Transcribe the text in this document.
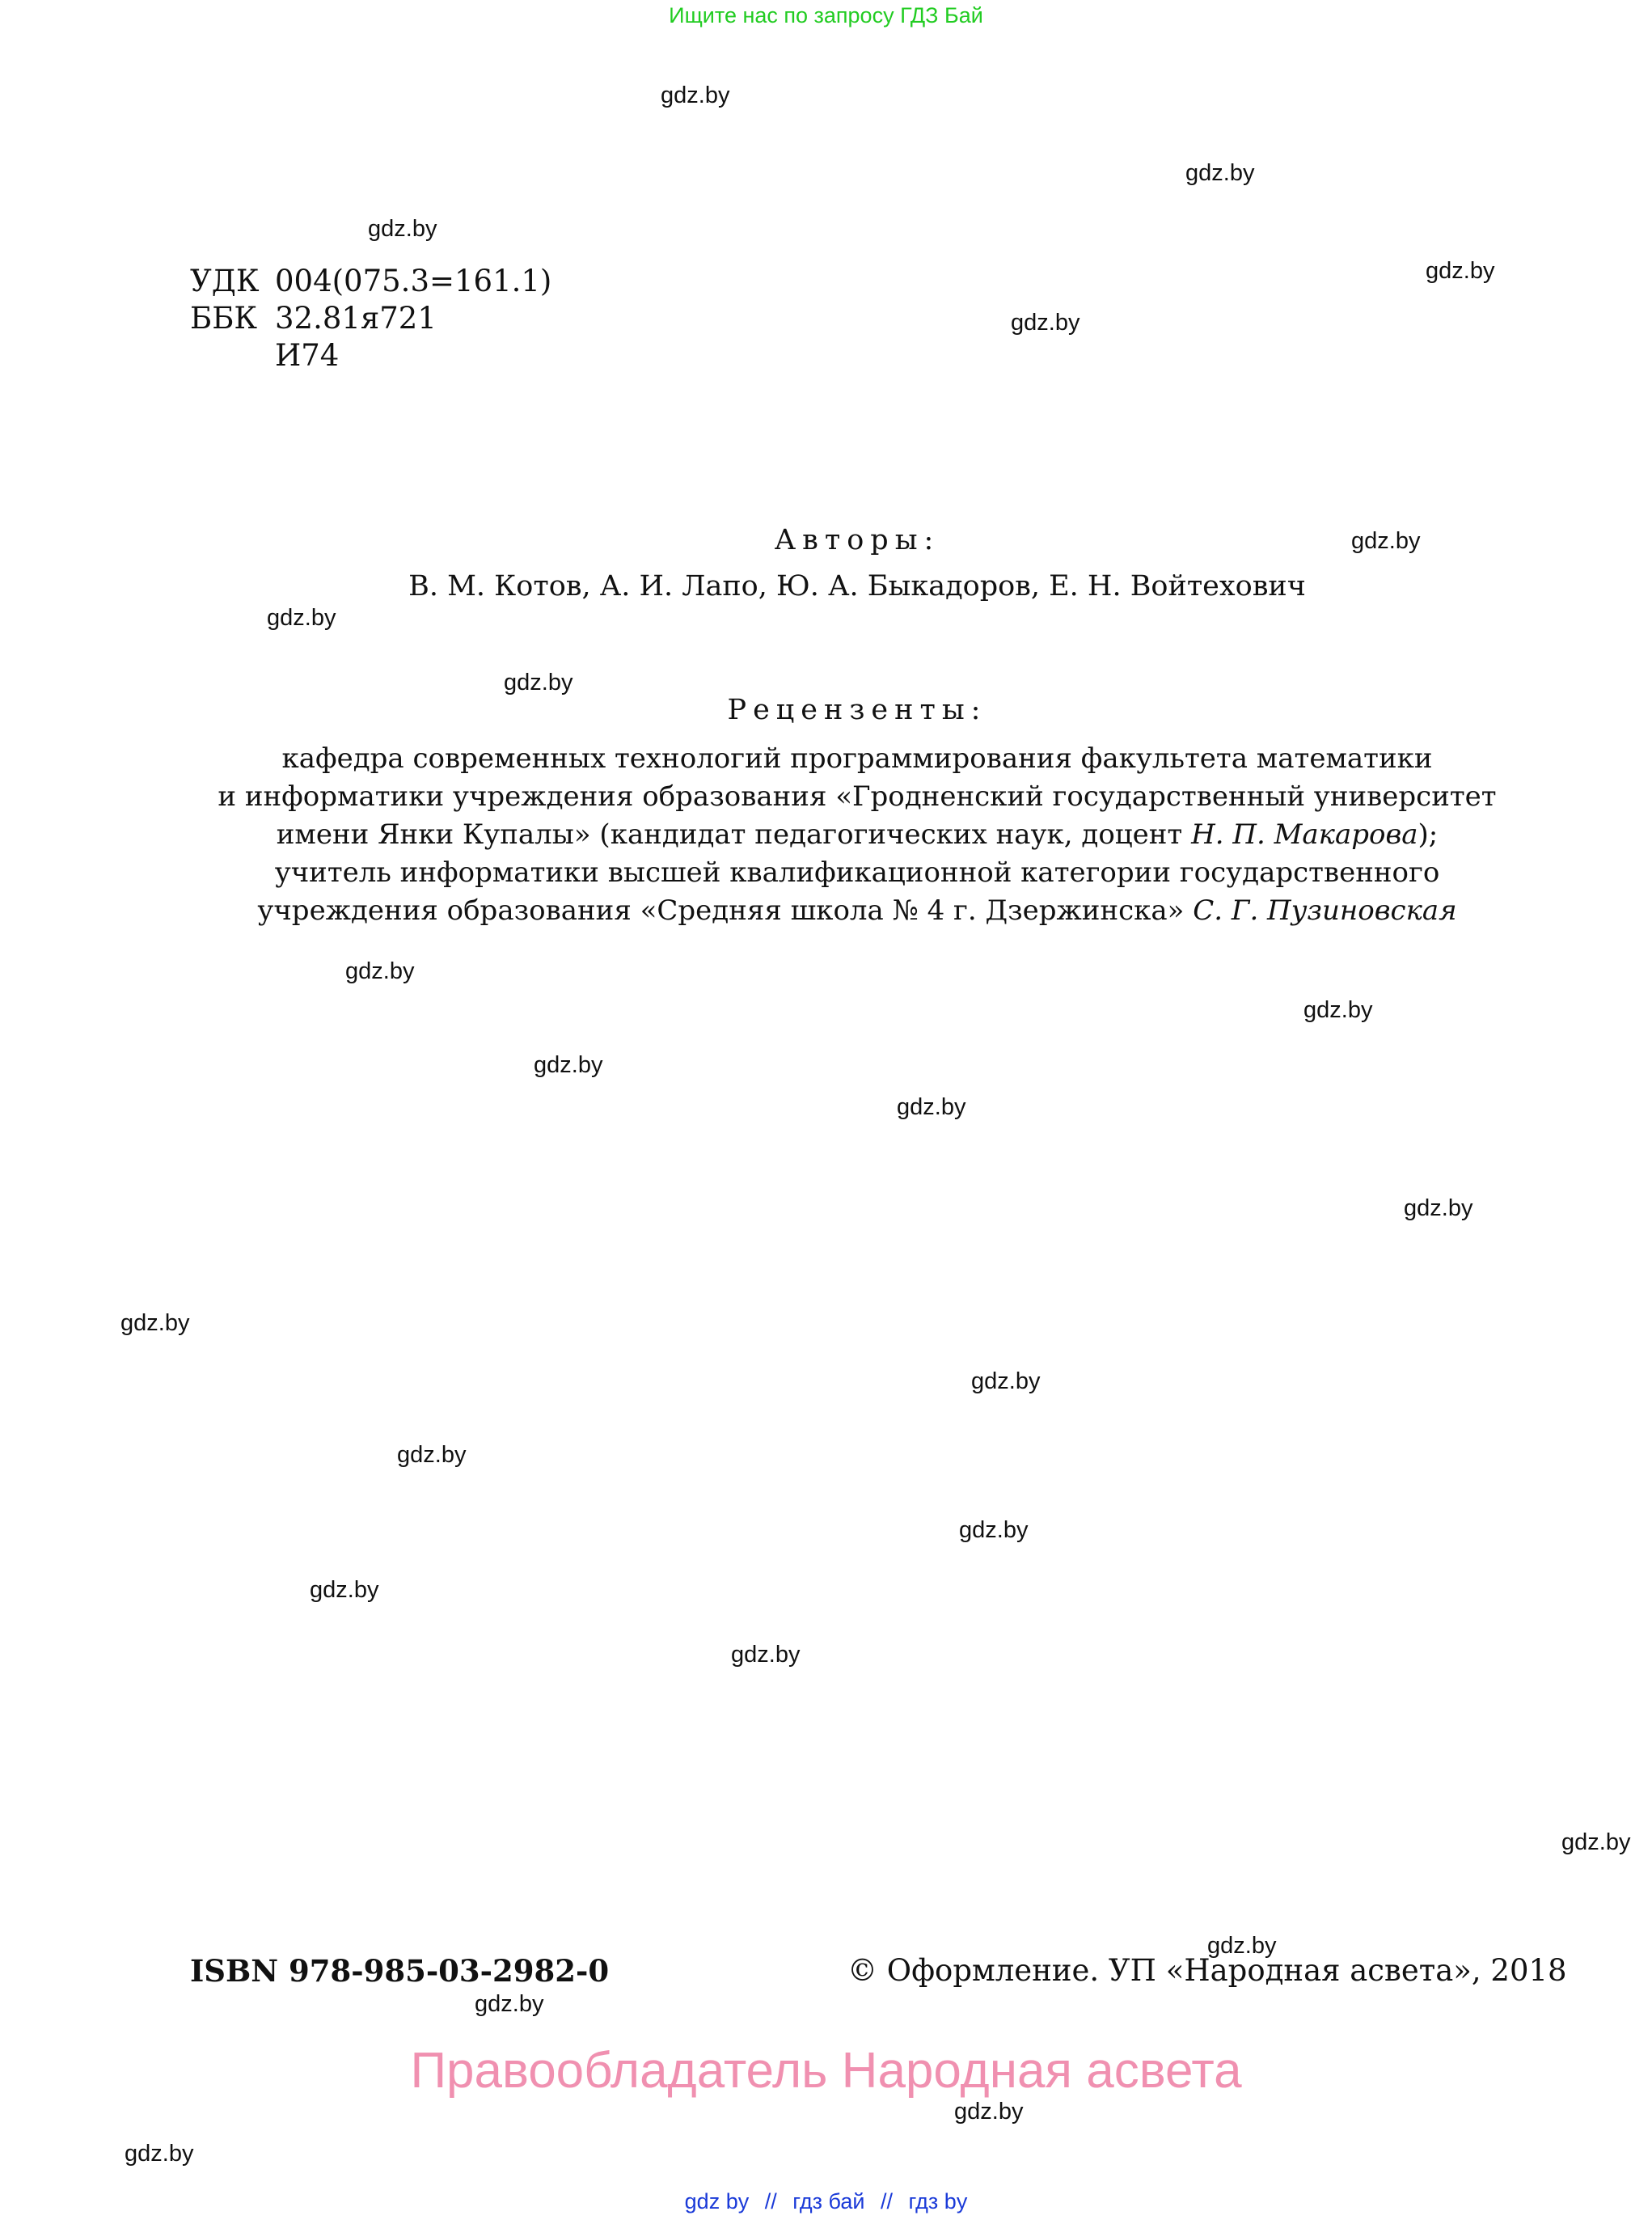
Ищите нас по запросу ГДЗ Бай
gdz.by
gdz.by
gdz.by
gdz.by
gdz.by
gdz.by
gdz.by
gdz.by
gdz.by
gdz.by
gdz.by
gdz.by
gdz.by
gdz.by
gdz.by
gdz.by
gdz.by
gdz.by
gdz.by
gdz.by
gdz.by
gdz.by
gdz.by
gdz.by
УДК 004(075.3=161.1)
ББК 32.81я721
И74
Авторы:
В. М. Котов, А. И. Лапо, Ю. А. Быкадоров, Е. Н. Войтехович
Рецензенты:
кафедра современных технологий программирования факультета математики
и информатики учреждения образования «Гродненский государственный университет
имени Янки Купалы» (кандидат педагогических наук, доцент Н. П. Макарова);
учитель информатики высшей квалификационной категории государственного
учреждения образования «Средняя школа № 4 г. Дзержинска» С. Г. Пузиновская
ISBN 978-985-03-2982-0	© Оформление. УП «Народная асвета», 2018
Правообладатель Народная асвета
gdz by // гдз бай // гдз by
